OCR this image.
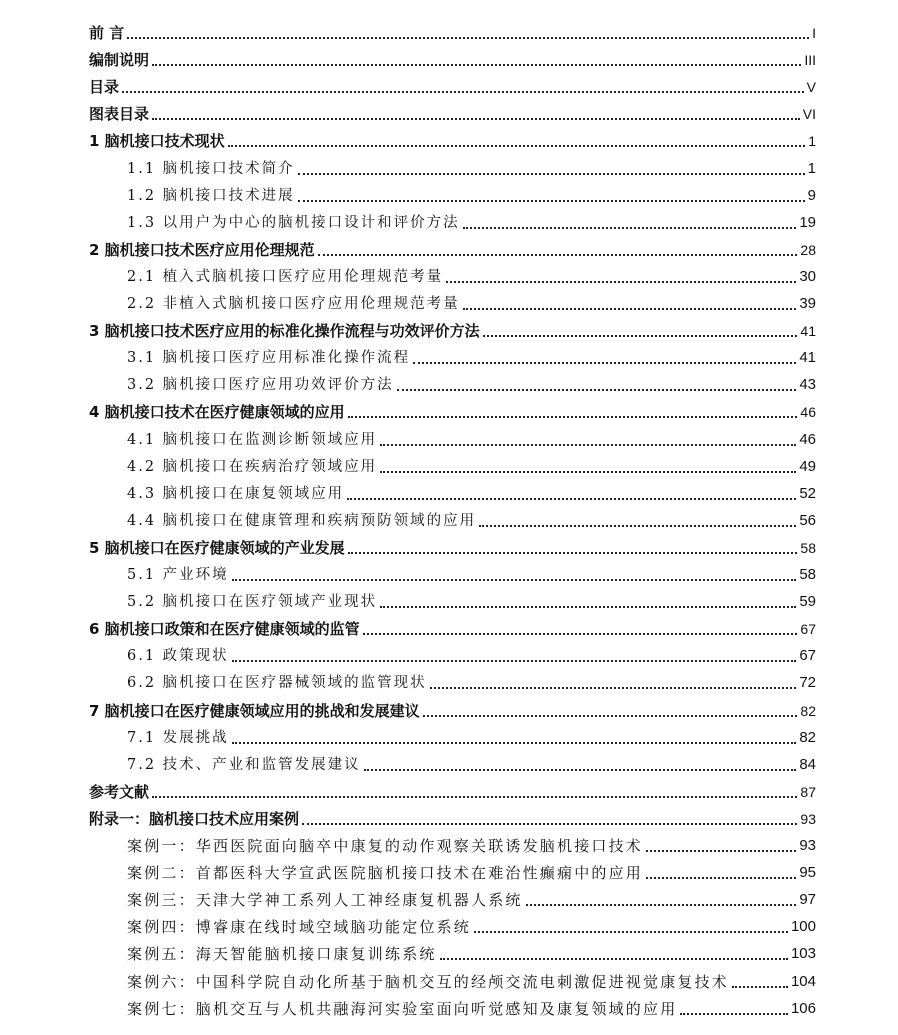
前 言	I
编制说明	III
目录	V
图表目录	VI
1 脑机接口技术现状	1
1.1 脑机接口技术简介	1
1.2 脑机接口技术进展	9
1.3 以用户为中心的脑机接口设计和评价方法	19
2 脑机接口技术医疗应用伦理规范	28
2.1 植入式脑机接口医疗应用伦理规范考量	30
2.2 非植入式脑机接口医疗应用伦理规范考量	39
3 脑机接口技术医疗应用的标准化操作流程与功效评价方法	41
3.1 脑机接口医疗应用标准化操作流程	41
3.2 脑机接口医疗应用功效评价方法	43
4 脑机接口技术在医疗健康领域的应用	46
4.1 脑机接口在监测诊断领域应用	46
4.2 脑机接口在疾病治疗领域应用	49
4.3 脑机接口在康复领域应用	52
4.4 脑机接口在健康管理和疾病预防领域的应用	56
5 脑机接口在医疗健康领域的产业发展	58
5.1 产业环境	58
5.2 脑机接口在医疗领域产业现状	59
6 脑机接口政策和在医疗健康领域的监管	67
6.1 政策现状	67
6.2 脑机接口在医疗器械领域的监管现状	72
7 脑机接口在医疗健康领域应用的挑战和发展建议	82
7.1 发展挑战	82
7.2 技术、产业和监管发展建议	84
参考文献	87
附录一：脑机接口技术应用案例	93
案例一：华西医院面向脑卒中康复的动作观察关联诱发脑机接口技术	93
案例二：首都医科大学宣武医院脑机接口技术在难治性癫痫中的应用	95
案例三：天津大学神工系列人工神经康复机器人系统	97
案例四：博睿康在线时域空域脑功能定位系统	100
案例五：海天智能脑机接口康复训练系统	103
案例六：中国科学院自动化所基于脑机交互的经颅交流电刺激促进视觉康复技术	104
案例七：脑机交互与人机共融海河实验室面向听觉感知及康复领域的应用	106
